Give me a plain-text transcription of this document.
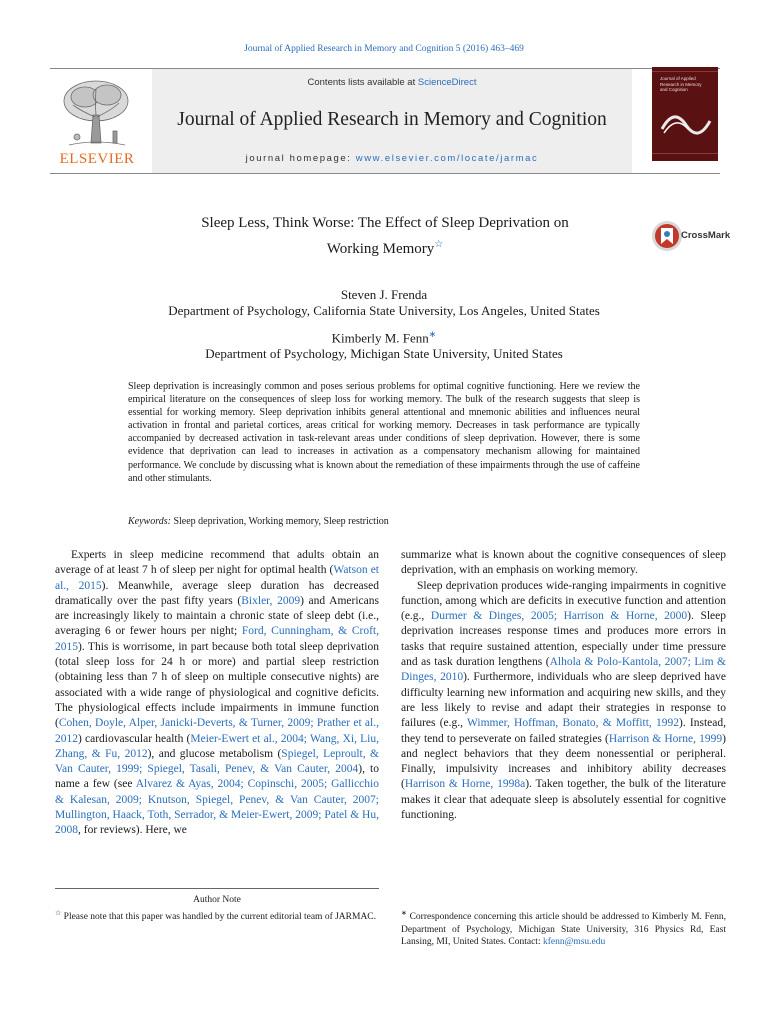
Journal of Applied Research in Memory and Cognition 5 (2016) 463–469
ELSEVIER
Contents lists available at ScienceDirect
Journal of Applied Research in Memory and Cognition
journal homepage: www.elsevier.com/locate/jarmac
Journal of Applied Research in Memory and Cognition
Sleep Less, Think Worse: The Effect of Sleep Deprivation on
Working Memory☆
CrossMark
Steven J. Frenda
Department of Psychology, California State University, Los Angeles, United States
Kimberly M. Fenn∗
Department of Psychology, Michigan State University, United States
Sleep deprivation is increasingly common and poses serious problems for optimal cognitive functioning. Here we review the empirical literature on the consequences of sleep loss for working memory. The bulk of the research suggests that sleep is essential for working memory. Sleep deprivation inhibits general attentional and mnemonic abilities and influences neural activation in frontal and parietal cortices, areas critical for working memory. Decreases in task performance are typically accompanied by decreased activation in task-relevant areas under conditions of sleep deprivation. However, there is some evidence that deprivation can lead to increases in activation as a compensatory mechanism allowing for maintained performance. We conclude by discussing what is known about the remediation of these impairments through the use of caffeine and other stimulants.
Keywords: Sleep deprivation, Working memory, Sleep restriction

Experts in sleep medicine recommend that adults obtain an average of at least 7 h of sleep per night for optimal health (Watson et al., 2015). Meanwhile, average sleep duration has decreased dramatically over the past fifty years (Bixler, 2009) and Americans are increasingly likely to maintain a chronic state of sleep debt (i.e., averaging 6 or fewer hours per night; Ford, Cunningham, & Croft, 2015). This is worrisome, in part because both total sleep deprivation (total sleep loss for 24 h or more) and partial sleep restriction (obtaining less than 7 h of sleep on multiple consecutive nights) are associated with a wide range of physiological and cognitive deficits. The physiological effects include impairments in immune function (Cohen, Doyle, Alper, Janicki-Deverts, & Turner, 2009; Prather et al., 2012) cardiovascular health (Meier-Ewert et al., 2004; Wang, Xi, Liu, Zhang, & Fu, 2012), and glucose metabolism (Spiegel, Leproult, & Van Cauter, 1999; Spiegel, Tasali, Penev, & Van Cauter, 2004), to name a few (see Alvarez & Ayas, 2004; Copinschi, 2005; Gallicchio & Kalesan, 2009; Knutson, Spiegel, Penev, & Van Cauter, 2007; Mullington, Haack, Toth, Serrador, & Meier-Ewert, 2009; Patel & Hu, 2008, for reviews). Here, we

summarize what is known about the cognitive consequences of sleep deprivation, with an emphasis on working memory.

Sleep deprivation produces wide-ranging impairments in cognitive function, among which are deficits in executive function and attention (e.g., Durmer & Dinges, 2005; Harrison & Horne, 2000). Sleep deprivation increases response times and produces more errors in tasks that require sustained attention, especially under time pressure and as task duration lengthens (Alhola & Polo-Kantola, 2007; Lim & Dinges, 2010). Furthermore, individuals who are sleep deprived have difficulty learning new information and acquiring new skills, and they are less likely to revise and adapt their strategies in response to failures (e.g., Wimmer, Hoffman, Bonato, & Moffitt, 1992). Instead, they tend to perseverate on failed strategies (Harrison & Horne, 1999) and neglect behaviors that they deem nonessential or peripheral. Finally, impulsivity increases and inhibitory ability decreases (Harrison & Horne, 1998a). Taken together, the bulk of the literature makes it clear that adequate sleep is absolutely essential for cognitive functioning.

Author Note
☆ Please note that this paper was handled by the current editorial team of JARMAC.	∗ Correspondence concerning this article should be addressed to Kimberly M. Fenn, Department of Psychology, Michigan State University, 316 Physics Rd, East Lansing, MI, United States. Contact: kfenn@msu.edu
